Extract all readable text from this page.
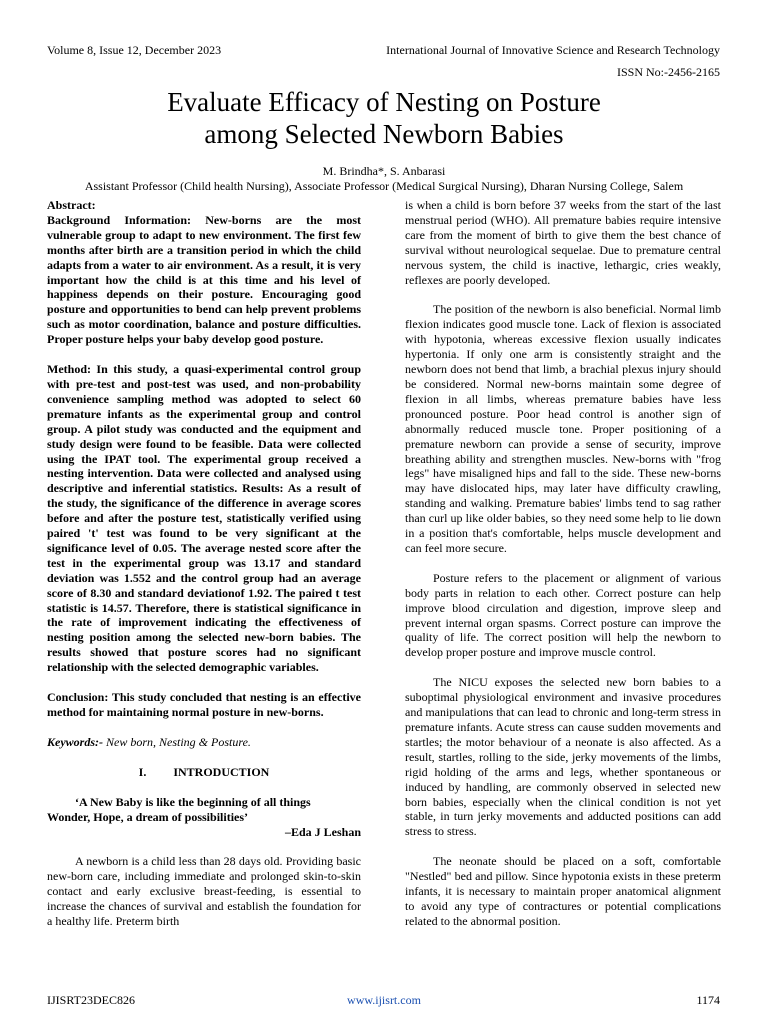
Volume 8, Issue 12, December 2023	International Journal of Innovative Science and Research Technology
ISSN No:-2456-2165
Evaluate Efficacy of Nesting on Posture
among Selected Newborn Babies
M. Brindha*, S. Anbarasi
Assistant Professor (Child health Nursing), Associate Professor (Medical Surgical Nursing), Dharan Nursing College, Salem

Abstract:

Background Information: New-borns are the most vulnerable group to adapt to new environment. The first few months after birth are a transition period in which the child adapts from a water to air environment. As a result, it is very important how the child is at this time and his level of happiness depends on their posture. Encouraging good posture and opportunities to bend can help prevent problems such as motor coordination, balance and posture difficulties. Proper posture helps your baby develop good posture.

Method: In this study, a quasi-experimental control group with pre-test and post-test was used, and non-probability convenience sampling method was adopted to select 60 premature infants as the experimental group and control group. A pilot study was conducted and the equipment and study design were found to be feasible. Data were collected using the IPAT tool. The experimental group received a nesting intervention. Data were collected and analysed using descriptive and inferential statistics. Results: As a result of the study, the significance of the difference in average scores before and after the posture test, statistically verified using paired 't' test was found to be very significant at the significance level of 0.05. The average nested score after the test in the experimental group was 13.17 and standard deviation was 1.552 and the control group had an average score of 8.30 and standard deviationof 1.92. The paired t test statistic is 14.57. Therefore, there is statistical significance in the rate of improvement indicating the effectiveness of nesting position among the selected new-born babies. The results showed that posture scores had no significant relationship with the selected demographic variables.

Conclusion: This study concluded that nesting is an effective method for maintaining normal posture in new-borns.

Keywords:- New born, Nesting & Posture.

I.         INTRODUCTION

‘A New Baby is like the beginning of all things

Wonder, Hope, a dream of possibilities’

–Eda J Leshan

A newborn is a child less than 28 days old. Providing basic new-born care, including immediate and prolonged skin-to-skin contact and early exclusive breast-feeding, is essential to increase the chances of survival and establish the foundation for a healthy life. Preterm birth

is when a child is born before 37 weeks from the start of the last menstrual period (WHO). All premature babies require intensive care from the moment of birth to give them the best chance of survival without neurological sequelae. Due to premature central nervous system, the child is inactive, lethargic, cries weakly, reflexes are poorly developed.

The position of the newborn is also beneficial. Normal limb flexion indicates good muscle tone. Lack of flexion is associated with hypotonia, whereas excessive flexion usually indicates hypertonia. If only one arm is consistently straight and the newborn does not bend that limb, a brachial plexus injury should be considered. Normal new-borns maintain some degree of flexion in all limbs, whereas premature babies have less pronounced posture. Poor head control is another sign of abnormally reduced muscle tone. Proper positioning of a premature newborn can provide a sense of security, improve breathing ability and strengthen muscles. New-borns with "frog legs" have misaligned hips and fall to the side. These new-borns may have dislocated hips, may later have difficulty crawling, standing and walking. Premature babies' limbs tend to sag rather than curl up like older babies, so they need some help to lie down in a position that's comfortable, helps muscle development and can feel more secure.

Posture refers to the placement or alignment of various body parts in relation to each other. Correct posture can help improve blood circulation and digestion, improve sleep and prevent internal organ spasms. Correct posture can improve the quality of life. The correct position will help the newborn to develop proper posture and improve muscle control.

The NICU exposes the selected new born babies to a suboptimal physiological environment and invasive procedures and manipulations that can lead to chronic and long-term stress in premature infants. Acute stress can cause sudden movements and startles; the motor behaviour of a neonate is also affected. As a result, startles, rolling to the side, jerky movements of the limbs, rigid holding of the arms and legs, whether spontaneous or induced by handling, are commonly observed in selected new born babies, especially when the clinical condition is not yet stable, in turn jerky movements and adducted positions can add stress to stress.

The neonate should be placed on a soft, comfortable "Nestled" bed and pillow. Since hypotonia exists in these preterm infants, it is necessary to maintain proper anatomical alignment to avoid any type of contractures or potential complications related to the abnormal position.

IJISRT23DEC826	www.ijisrt.com	1174
